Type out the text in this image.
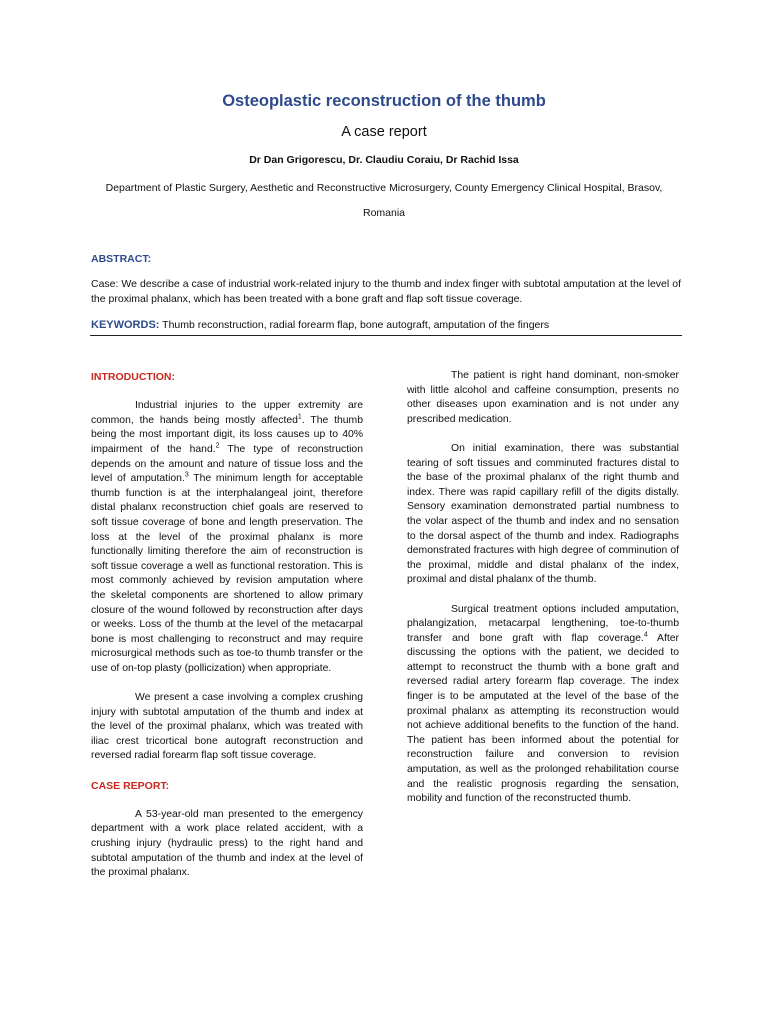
Osteoplastic reconstruction of the thumb
A case report
Dr Dan Grigorescu, Dr. Claudiu Coraiu, Dr Rachid Issa
Department of Plastic Surgery, Aesthetic and Reconstructive Microsurgery, County Emergency Clinical Hospital, Brasov, Romania
ABSTRACT:
Case: We describe a case of industrial work-related injury to the thumb and index finger with subtotal amputation at the level of the proximal phalanx, which has been treated with a bone graft and flap soft tissue coverage.
KEYWORDS: Thumb reconstruction, radial forearm flap, bone autograft, amputation of the fingers

INTRODUCTION:

Industrial injuries to the upper extremity are common, the hands being mostly affected$^1$. The thumb being the most important digit, its loss causes up to 40% impairment of the hand.$^2$ The type of reconstruction depends on the amount and nature of tissue loss and the level of amputation.$^3$ The minimum length for acceptable thumb function is at the interphalangeal joint, therefore distal phalanx reconstruction chief goals are reserved to soft tissue coverage of bone and length preservation. The loss at the level of the proximal phalanx is more functionally limiting therefore the aim of reconstruction is soft tissue coverage a well as functional restoration. This is most commonly achieved by revision amputation where the skeletal components are shortened to allow primary closure of the wound followed by reconstruction after days or weeks. Loss of the thumb at the level of the metacarpal bone is most challenging to reconstruct and may require microsurgical methods such as toe-to thumb transfer or the use of on-top plasty (pollicization) when appropriate.

We present a case involving a complex crushing injury with subtotal amputation of the thumb and index at the level of the proximal phalanx, which was treated with iliac crest tricortical bone autograft reconstruction and reversed radial forearm flap soft tissue coverage.

CASE REPORT:

A 53-year-old man presented to the emergency department with a work place related accident, with a crushing injury (hydraulic press) to the right hand and subtotal amputation of the thumb and index at the level of the proximal phalanx.

The patient is right hand dominant, non-smoker with little alcohol and caffeine consumption, presents no other diseases upon examination and is not under any prescribed medication.

On initial examination, there was substantial tearing of soft tissues and comminuted fractures distal to the base of the proximal phalanx of the right thumb and index. There was rapid capillary refill of the digits distally. Sensory examination demonstrated partial numbness to the volar aspect of the thumb and index and no sensation to the dorsal aspect of the thumb and index. Radiographs demonstrated fractures with high degree of comminution of the proximal, middle and distal phalanx of the index, proximal and distal phalanx of the thumb.

Surgical treatment options included amputation, phalangization, metacarpal lengthening, toe-to-thumb transfer and bone graft with flap coverage.$^4$ After discussing the options with the patient, we decided to attempt to reconstruct the thumb with a bone graft and reversed radial artery forearm flap coverage. The index finger is to be amputated at the level of the base of the proximal phalanx as attempting its reconstruction would not achieve additional benefits to the function of the hand. The patient has been informed about the potential for reconstruction failure and conversion to revision amputation, as well as the prolonged rehabilitation course and the realistic prognosis regarding the sensation, mobility and function of the reconstructed thumb.
